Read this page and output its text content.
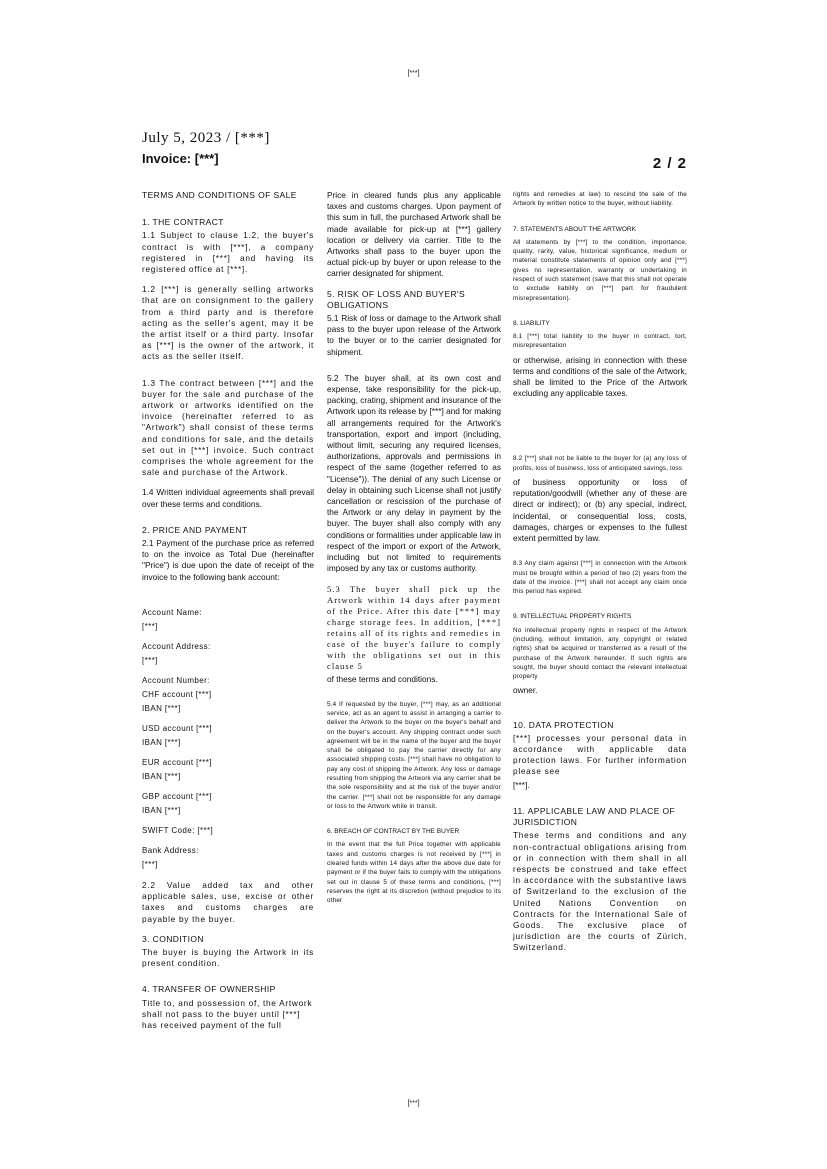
[***]
July 5, 2023 / [***]
Invoice: [***]	2 / 2
TERMS AND CONDITIONS OF SALE
1. THE CONTRACT

1.1 Subject to clause 1.2, the buyer's contract is with [***], a company registered in [***] and having its registered office at [***].

1.2 [***] is generally selling artworks that are on consignment to the gallery from a third party and is therefore acting as the seller's agent, may it be the artist itself or a third party. Insofar as [***] is the owner of the artwork, it acts as the seller itself.

1.3 The contract between [***] and the buyer for the sale and purchase of the artwork or artworks identified on the invoice (hereinafter referred to as "Artwork") shall consist of these terms and conditions for sale, and the details set out in [***] invoice. Such contract comprises the whole agreement for the sale and purchase of the Artwork.

1.4 Written individual agreements shall prevail over these terms and conditions.

2. PRICE AND PAYMENT

2.1 Payment of the purchase price as referred to on the invoice as Total Due (hereinafter "Price") is due upon the date of receipt of the invoice to the following bank account:

Account Name:
[***]
Account Address:
[***]
Account Number:
CHF account [***]
IBAN [***]
USD account [***]
IBAN [***]
EUR account [***]
IBAN [***]
GBP account [***]
IBAN [***]
SWIFT Code: [***]
Bank Address:
[***]

2.2 Value added tax and other applicable sales, use, excise or other taxes and customs charges are payable by the buyer.

3. CONDITION

The buyer is buying the Artwork in its present condition.

4. TRANSFER OF OWNERSHIP

Title to, and possession of, the Artwork shall not pass to the buyer until [***] has received payment of the full

Price in cleared funds plus any applicable taxes and customs charges. Upon payment of this sum in full, the purchased Artwork shall be made available for pick-up at [***] gallery location or delivery via carrier. Title to the Artworks shall pass to the buyer upon the actual pick-up by buyer or upon release to the carrier designated for shipment.

5. RISK OF LOSS AND BUYER'S OBLIGATIONS

5.1 Risk of loss or damage to the Artwork shall pass to the buyer upon release of the Artwork to the buyer or to the carrier designated for shipment.

5.2 The buyer shall, at its own cost and expense, take responsibility for the pick-up, packing, crating, shipment and insurance of the Artwork upon its release by [***] and for making all arrangements required for the Artwork's transportation, export and import (including, without limit, securing any required licenses, authorizations, approvals and permissions in respect of the same (together referred to as "License")). The denial of any such License or delay in obtaining such License shall not justify cancellation or rescission of the purchase of the Artwork or any delay in payment by the buyer. The buyer shall also comply with any conditions or formalities under applicable law in respect of the import or export of the Artwork, including but not limited to requirements imposed by any tax or customs authority.

5.3 The buyer shall pick up the Artwork within 14 days after payment of the Price. After this date [***] may charge storage fees. In addition, [***] retains all of its rights and remedies in case of the buyer's failure to comply with the obligations set out in this clause 5

of these terms and conditions.

5.4 If requested by the buyer, [***] may, as an additional service, act as an agent to assist in arranging a carrier to deliver the Artwork to the buyer on the buyer's behalf and on the buyer's account. Any shipping contract under such agreement will be in the name of the buyer and the buyer shall be obligated to pay the carrier directly for any associated shipping costs. [***] shall have no obligation to pay any cost of shipping the Artwork. Any loss or damage resulting from shipping the Artwork via any carrier shall be the sole responsibility and at the risk of the buyer and/or the carrier. [***] shall not be responsible for any damage or loss to the Artwork while in transit.

6. BREACH OF CONTRACT BY THE BUYER

In the event that the full Price together with applicable taxes and customs charges is not received by [***] in cleared funds within 14 days after the above due date for payment or if the buyer fails to comply with the obligations set out in clause 5 of these terms and conditions, [***] reserves the right at its discretion (without prejudice to its other

rights and remedies at law) to rescind the sale of the Artwork by written notice to the buyer, without liability.

7. STATEMENTS ABOUT THE ARTWORK

All statements by [***] to the condition, importance, quality, rarity, value, historical significance, medium or material constitute statements of opinion only and [***] gives no representation, warranty or undertaking in respect of such statement (save that this shall not operate to exclude liability on [***] part for fraudulent misrepresentation).

8. LIABILITY

8.1 [***] total liability to the buyer in contract, tort, misrepresentation

or otherwise, arising in connection with these terms and conditions of the sale of the Artwork, shall be limited to the Price of the Artwork excluding any applicable taxes.

8.2 [***] shall not be liable to the buyer for (a) any loss of profits, loss of business, loss of anticipated savings, loss

of business opportunity or loss of reputation/goodwill (whether any of these are direct or indirect); or (b) any special, indirect, incidental, or consequential loss, costs, damages, charges or expenses to the fullest extent permitted by law.

8.3 Any claim against [***] in connection with the Artwork must be brought within a period of two (2) years from the date of the invoice. [***] shall not accept any claim once this period has expired.

9. INTELLECTUAL PROPERTY RIGHTS

No intellectual property rights in respect of the Artwork (including, without limitation, any copyright or related rights) shall be acquired or transferred as a result of the purchase of the Artwork hereunder. If such rights are sought, the buyer should contact the relevant intellectual property

owner.

10. DATA PROTECTION

[***] processes your personal data in accordance with applicable data protection laws. For further information please see

[***].

11. APPLICABLE LAW AND PLACE OF JURISDICTION

These terms and conditions and any non-contractual obligations arising from or in connection with them shall in all respects be construed and take effect in accordance with the substantive laws of Switzerland to the exclusion of the United Nations Convention on Contracts for the International Sale of Goods. The exclusive place of jurisdiction are the courts of Zürich, Switzerland.

[***]
